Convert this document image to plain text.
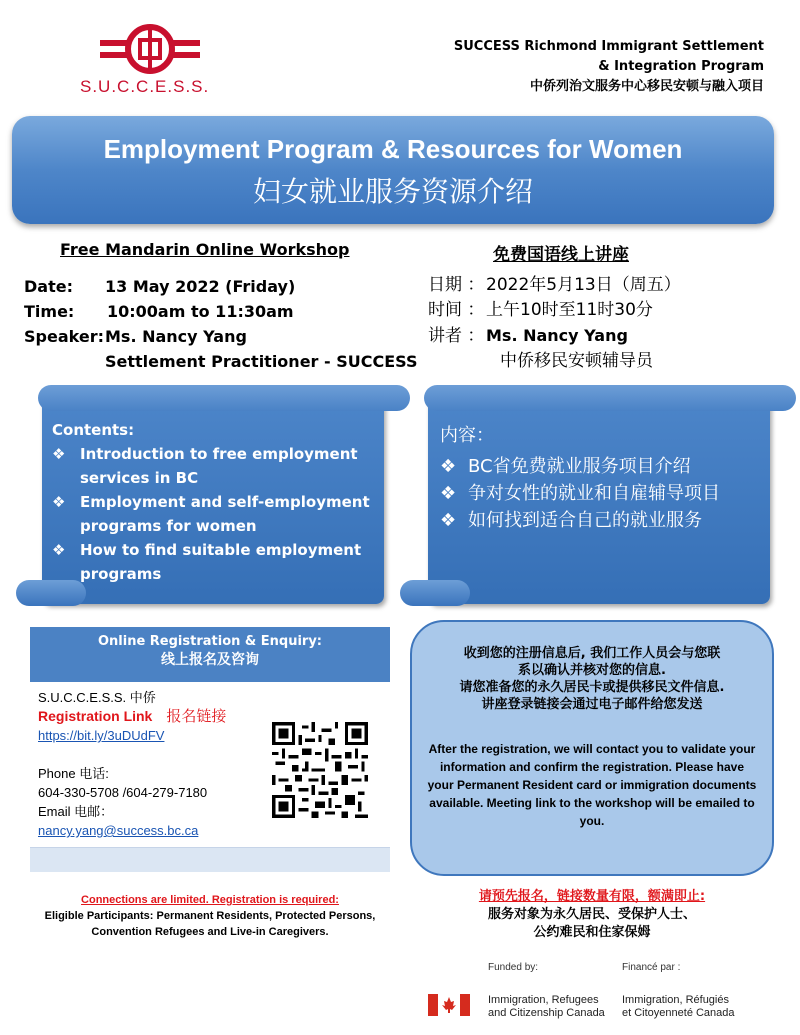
S.U.C.C.E.S.S.
SUCCESS Richmond Immigrant Settlement
& Integration Program
中侨列治文服务中心移民安顿与融入项目
Employment Program & Resources for Women
妇女就业服务资源介绍
Free Mandarin Online Workshop	免费国语线上讲座
Date:
Time:
Speaker:
13 May 2022 (Friday)
10:00am to 11:30am
Ms. Nancy Yang
Settlement Practitioner - SUCCESS
日期 ：2022年5月13日（周五）
时间 ：上午10时至11时30分
讲者 ：Ms. Nancy Yang
中侨移民安顿辅导员
Contents:
❖ Introduction to free employment services in BC
❖ Employment and self-employment programs for women
❖ How to find suitable employment programs
内容：
❖ BC省免费就业服务项目介绍
❖ 争对女性的就业和自雇辅导项目
❖ 如何找到适合自己的就业服务
Online Registration & Enquiry:
线上报名及咨询
S.U.C.C.E.S.S. 中侨
Registration Link 报名链接
https://bit.ly/3uDUdFV
Phone 电话:
604-330-5708 /604-279-7180
Email 电邮：
nancy.yang@success.bc.ca
收到您的注册信息后, 我们工作人员会与您联
系以确认并核对您的信息.
请您准备您的永久居民卡或提供移民文件信息.
讲座登录链接会通过电子邮件给您发送
After the registration, we will contact you to validate your information and confirm the registration. Please have your Permanent Resident card or immigration documents available. Meeting link to the workshop will be emailed to you.
Connections are limited. Registration is required:
Eligible Participants: Permanent Residents, Protected Persons, Convention Refugees and Live-in Caregivers.
请预先报名，链接数量有限，额满即止:
服务对象为永久居民、受保护人士、
公约难民和住家保姆
Funded by:	Financé par :
Immigration, Refugees
and Citizenship Canada
Immigration, Réfugiés
et Citoyenneté Canada
